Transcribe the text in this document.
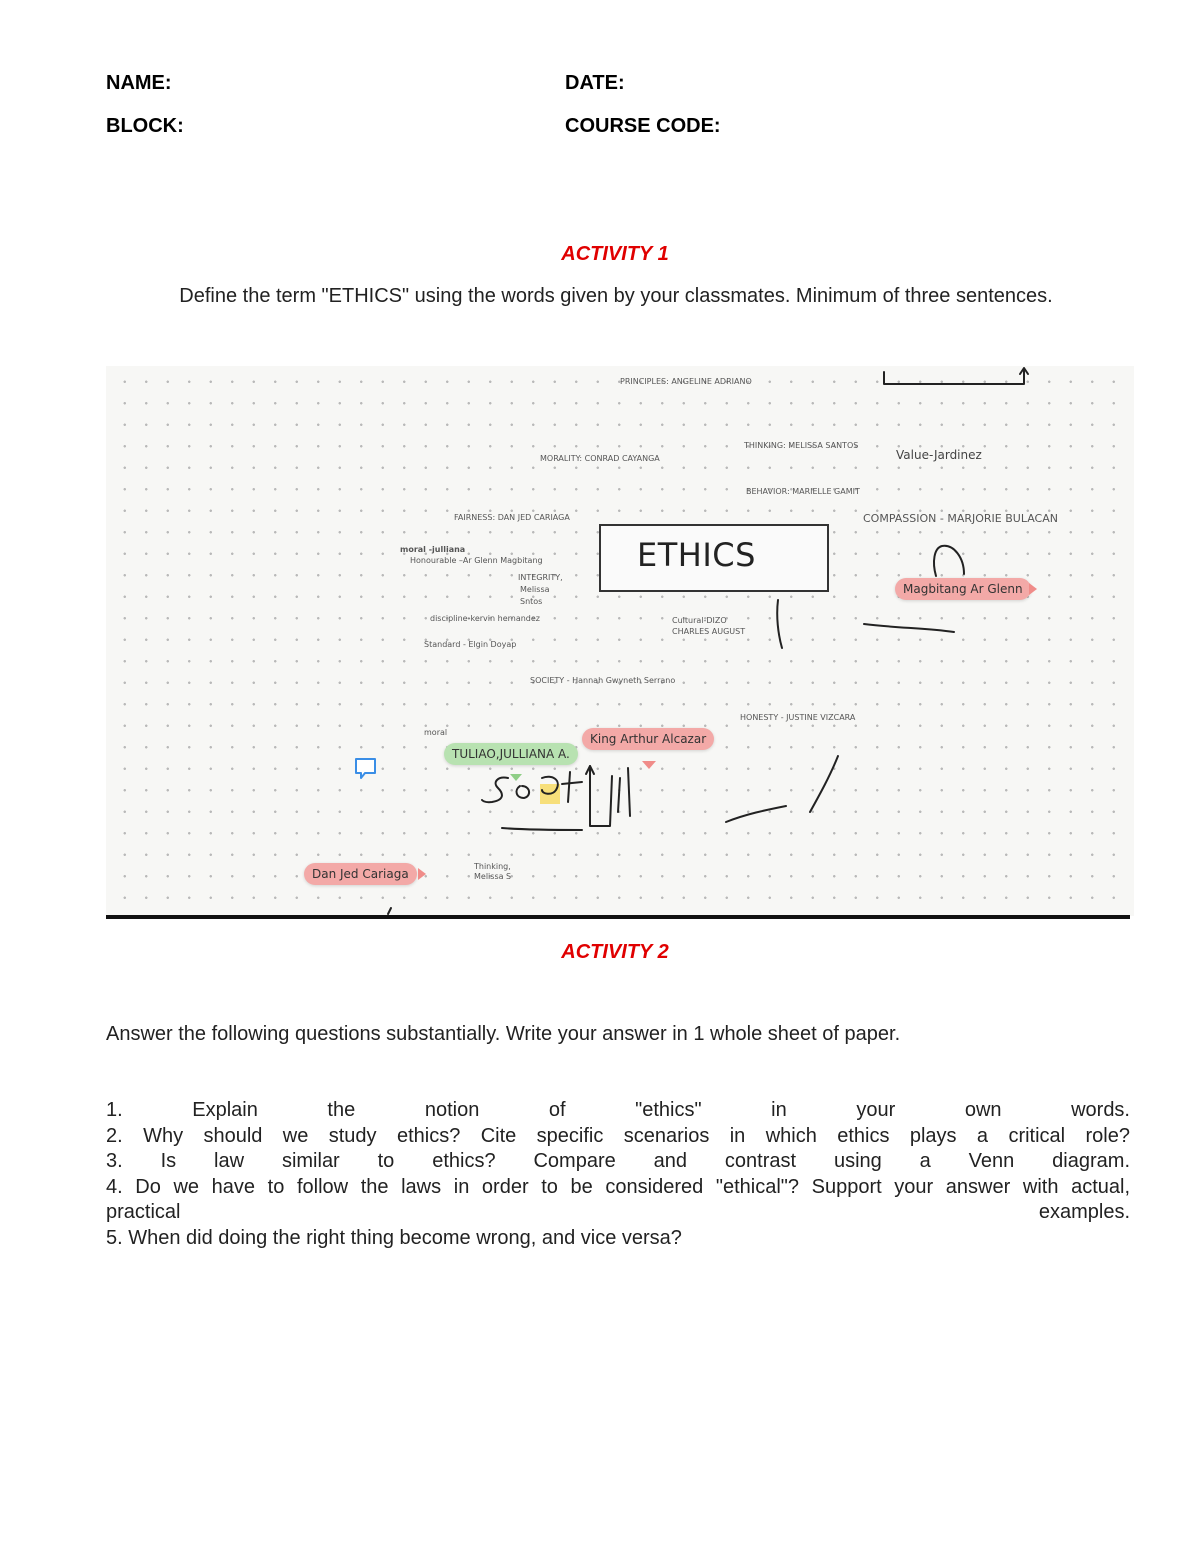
NAME:	DATE:
BLOCK:	COURSE CODE:
ACTIVITY 1
Define the term "ETHICS" using the words given by your classmates. Minimum of three sentences.
PRINCIPLES: ANGELINE ADRIANO
THINKING: MELISSA SANTOS
Value-Jardinez
MORALITY: CONRAD CAYANGA
BEHAVIOR: MARIELLE GAMIT
FAIRNESS: DAN JED CARIAGA	COMPASSION - MARJORIE BULACAN
moral -julliana
Honourable –Ar Glenn Magbitang
INTEGRITY,
Melissa
Sntos
discipline-kervin hernandez	Cultural-DIZO
CHARLES AUGUST
Standard - Elgin Doyap
SOCIETY - Hannah Gwyneth Serrano
HONESTY - JUSTINE VIZCARA
moral
Thinking,
Melissa S
ETHICS
Magbitang Ar Glenn
King Arthur Alcazar
TULIAO,JULLIANA A.
Dan Jed Cariaga
ACTIVITY 2
Answer the following questions substantially. Write your answer in 1 whole sheet of paper.
1. Explain the notion of "ethics" in your own words.
2. Why should we study ethics? Cite specific scenarios in which ethics plays a critical role?
3. Is law similar to ethics? Compare and contrast using a Venn diagram.
4. Do we have to follow the laws in order to be considered "ethical"? Support your answer with actual,
practical	examples.
5. When did doing the right thing become wrong, and vice versa?
